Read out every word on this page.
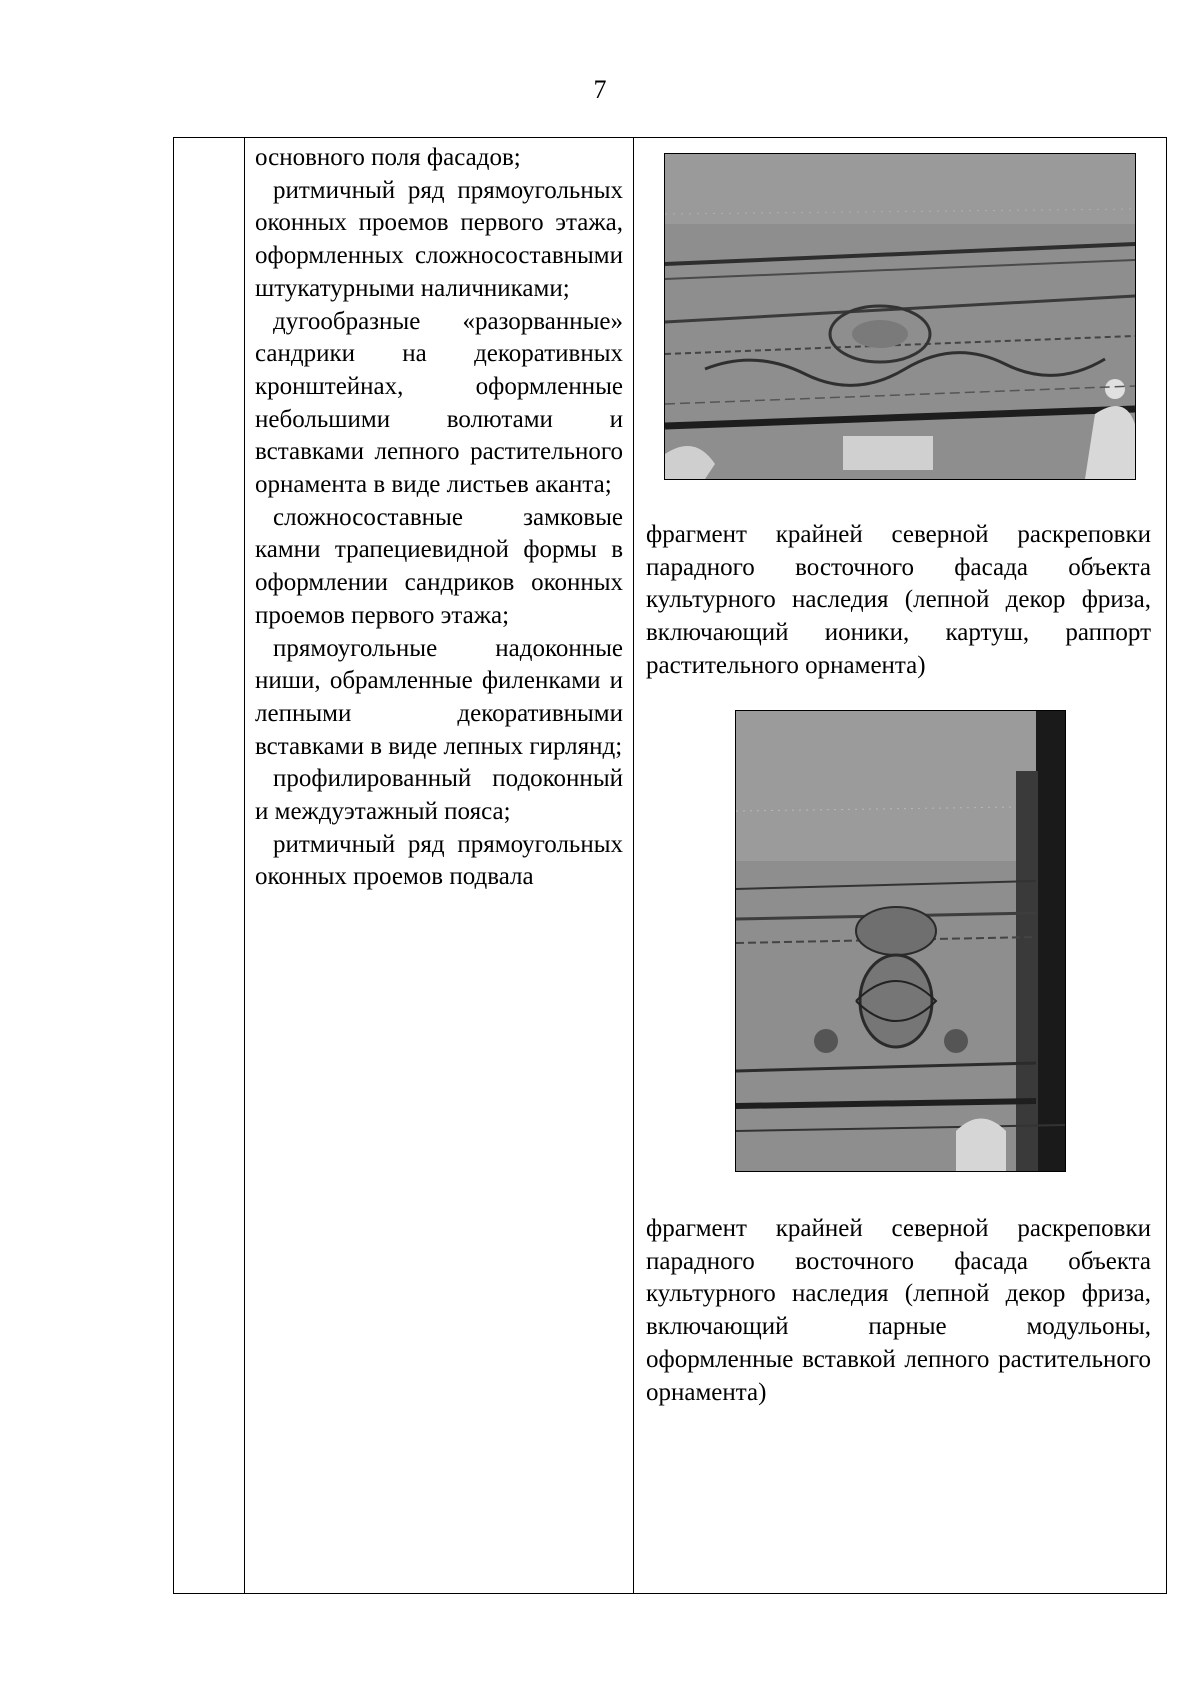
7

основного поля фасадов;
ритмичный ряд прямоугольных оконных проемов первого этажа, оформленных сложносоставными штукатурными наличниками;
дугообразные «разорванные» сандрики на декоративных кронштейнах, оформленные небольшими волютами и вставками лепного растительного орнамента в виде листьев аканта;
сложносоставные замковые камни трапециевидной формы в оформлении сандриков оконных проемов первого этажа;
прямоугольные надоконные ниши, обрамленные филенками и лепными декоративными вставками в виде лепных гирлянд;
профилированный подоконный и междуэтажный пояса;
ритмичный ряд прямоугольных оконных проемов подвала

фрагмент крайней северной раскреповки парадного восточного фасада объекта культурного наследия (лепной декор фриза, включающий ионики, картуш, раппорт растительного орнамента)
фрагмент крайней северной раскреповки парадного восточного фасада объекта культурного наследия (лепной декор фриза, включающий парные модульоны, оформленные вставкой лепного растительного орнамента)
